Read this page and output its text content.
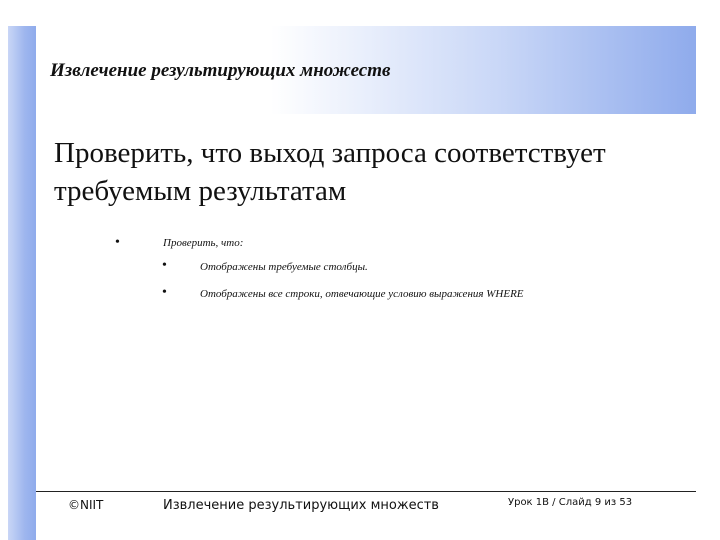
Извлечение результирующих множеств
Проверить, что выход запроса соответствует требуемым результатам
•	Проверить, что:
•	Отображены требуемые столбцы.
•	Отображены все строки, отвечающие условию выражения WHERE
©NIIT	Извлечение результирующих множеств	Урок 1B / Слайд 9 из 53
